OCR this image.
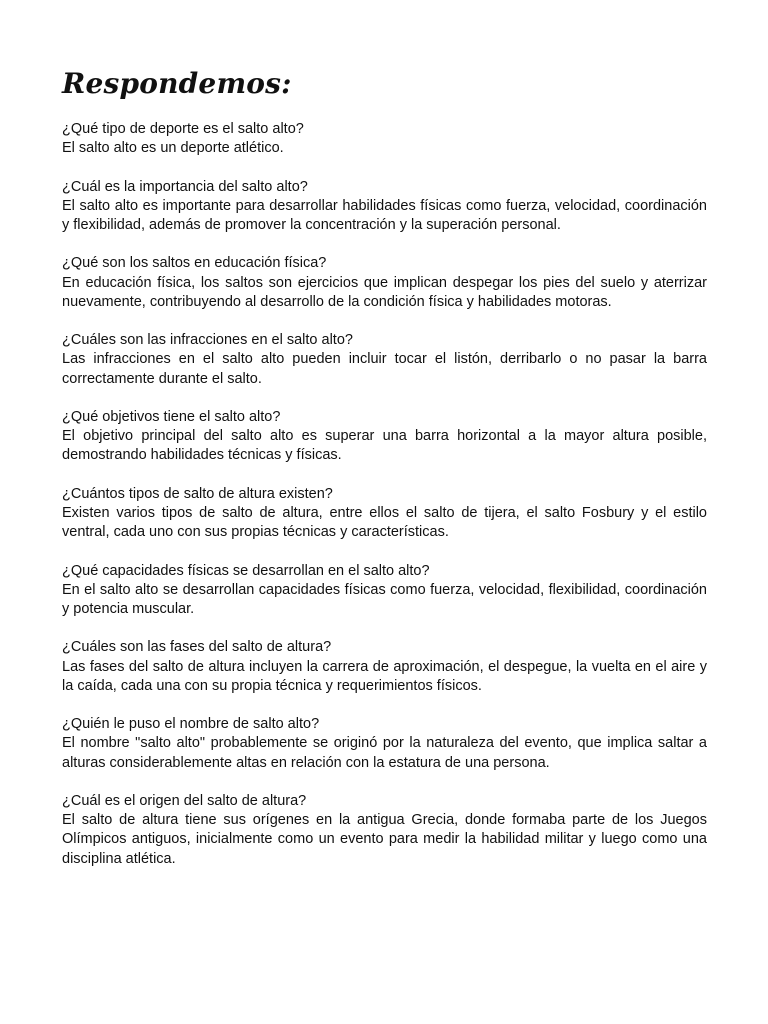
Respondemos:
¿Qué tipo de deporte es el salto alto?
El salto alto es un deporte atlético.
¿Cuál es la importancia del salto alto?
El salto alto es importante para desarrollar habilidades físicas como fuerza, velocidad, coordinación y flexibilidad, además de promover la concentración y la superación personal.
¿Qué son los saltos en educación física?
En educación física, los saltos son ejercicios que implican despegar los pies del suelo y aterrizar nuevamente, contribuyendo al desarrollo de la condición física y habilidades motoras.
¿Cuáles son las infracciones en el salto alto?
Las infracciones en el salto alto pueden incluir tocar el listón, derribarlo o no pasar la barra correctamente durante el salto.
¿Qué objetivos tiene el salto alto?
El objetivo principal del salto alto es superar una barra horizontal a la mayor altura posible, demostrando habilidades técnicas y físicas.
¿Cuántos tipos de salto de altura existen?
Existen varios tipos de salto de altura, entre ellos el salto de tijera, el salto Fosbury y el estilo ventral, cada uno con sus propias técnicas y características.
¿Qué capacidades físicas se desarrollan en el salto alto?
En el salto alto se desarrollan capacidades físicas como fuerza, velocidad, flexibilidad, coordinación y potencia muscular.
¿Cuáles son las fases del salto de altura?
Las fases del salto de altura incluyen la carrera de aproximación, el despegue, la vuelta en el aire y la caída, cada una con su propia técnica y requerimientos físicos.
¿Quién le puso el nombre de salto alto?
El nombre "salto alto" probablemente se originó por la naturaleza del evento, que implica saltar a alturas considerablemente altas en relación con la estatura de una persona.
¿Cuál es el origen del salto de altura?
El salto de altura tiene sus orígenes en la antigua Grecia, donde formaba parte de los Juegos Olímpicos antiguos, inicialmente como un evento para medir la habilidad militar y luego como una disciplina atlética.
